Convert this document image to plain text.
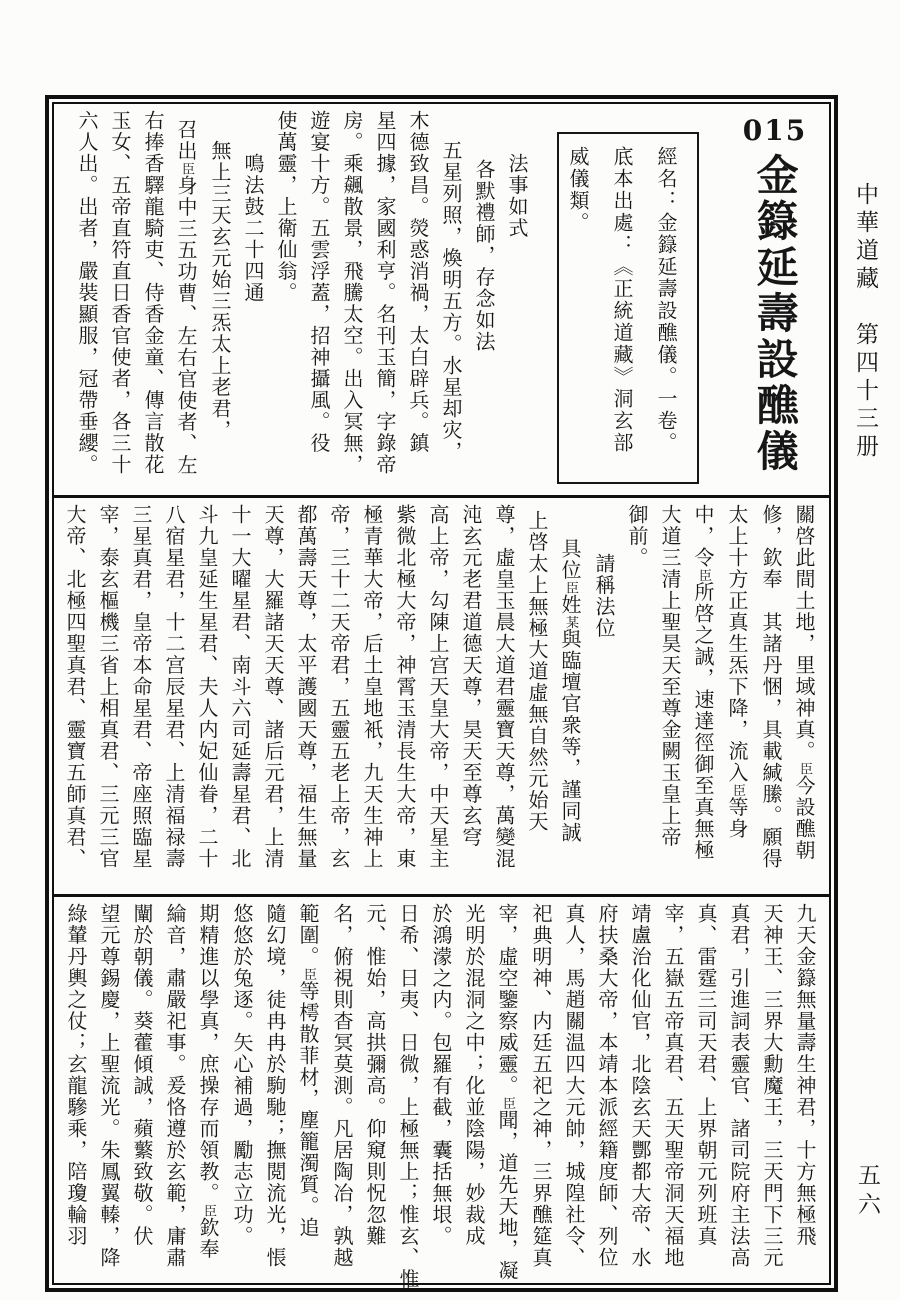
中華道藏　第四十三册
五六
015
金籙延壽設醮儀
經名：金籙延壽設醮儀。一卷。
底本出處：《正統道藏》洞玄部
威儀類。
法事如式
各默禮師，存念如法
五星列照，煥明五方。水星却灾，
木德致昌。熒惑消禍，太白辟兵。鎮
星四據，家國利亨。名刊玉簡，字錄帝
房。乘飆散景，飛騰太空。出入冥無，
遊宴十方。五雲浮蓋，招神攝風。役
使萬靈，上衛仙翁。
鳴法鼓二十四通
無上三天玄元始三炁太上老君，
召出臣身中三五功曹、左右官使者、左
右捧香驛龍騎吏、侍香金童、傳言散花
玉女、五帝直符直日香官使者，各三十
六人出。出者，嚴裝顯服，冠帶垂纓。
關啓此間土地，里域神真。臣今設醮朝
修，欽奉　其諸丹悃，具載緘縢。願得
太上十方正真生炁下降，流入臣等身
中，令臣所啓之誠，速達徑御至真無極
大道三清上聖昊天至尊金闕玉皇上帝
御前。
請稱法位
具位臣姓某與臨壇官衆等，謹同誠
上啓太上無極大道虛無自然元始天
尊，虛皇玉晨大道君靈寶天尊，萬變混
沌玄元老君道德天尊，昊天至尊玄穹
高上帝，勾陳上宫天皇大帝，中天星主
紫微北極大帝，神霄玉清長生大帝，東
極青華大帝，后土皇地衹，九天生神上
帝，三十二天帝君，五靈五老上帝，玄
都萬壽天尊，太平護國天尊，福生無量
天尊，大羅諸天天尊、諸后元君，上清
十一大曜星君、南斗六司延壽星君、北
斗九皇延生星君、夫人内妃仙眷，二十
八宿星君，十二宫辰星君、上清福禄壽
三星真君，皇帝本命星君、帝座照臨星
宰，泰玄樞機三省上相真君、三元三官
大帝、北極四聖真君、靈寶五師真君、
九天金籙無量壽生神君，十方無極飛
天神王、三界大勳魔王，三天門下三元
真君，引進詞表靈官、諸司院府主法高
真、雷霆三司天君、上界朝元列班真
宰，五嶽五帝真君、五天聖帝洞天福地
靖盧治化仙官，北陰玄天酆都大帝、水
府扶桑大帝，本靖本派經籍度師、列位
真人，馬趙關温四大元帥，城隍社令、
祀典明神、内廷五祀之神，三界醮筵真
宰，虛空鑒察威靈。臣聞，道先天地，凝
光明於混洞之中；化並陰陽，妙裁成
於鴻濛之内。包羅有截，囊括無垠。
日希、日夷、日微，上極無上；惟玄、惟
元、惟始，高拱彌高。仰窺則怳忽難
名，俯視則杳冥莫測。凡居陶冶，孰越
範圍。臣等樗散菲材，塵籠濁質。追
隨幻境，徒冉冉於駒馳；撫閲流光，悵
悠悠於兔逐。矢心補過，勵志立功。
期精進以學真，庶操存而領教。臣欽奉
綸音，肅嚴祀事。爰恪遵於玄範，庸肅
闡於朝儀。葵藿傾誠，蘋蘩致敬。伏
望元尊錫慶，上聖流光。朱鳳翼轃，降
綠輦丹輿之仗；玄龍驂乘，陪瓊輪羽
